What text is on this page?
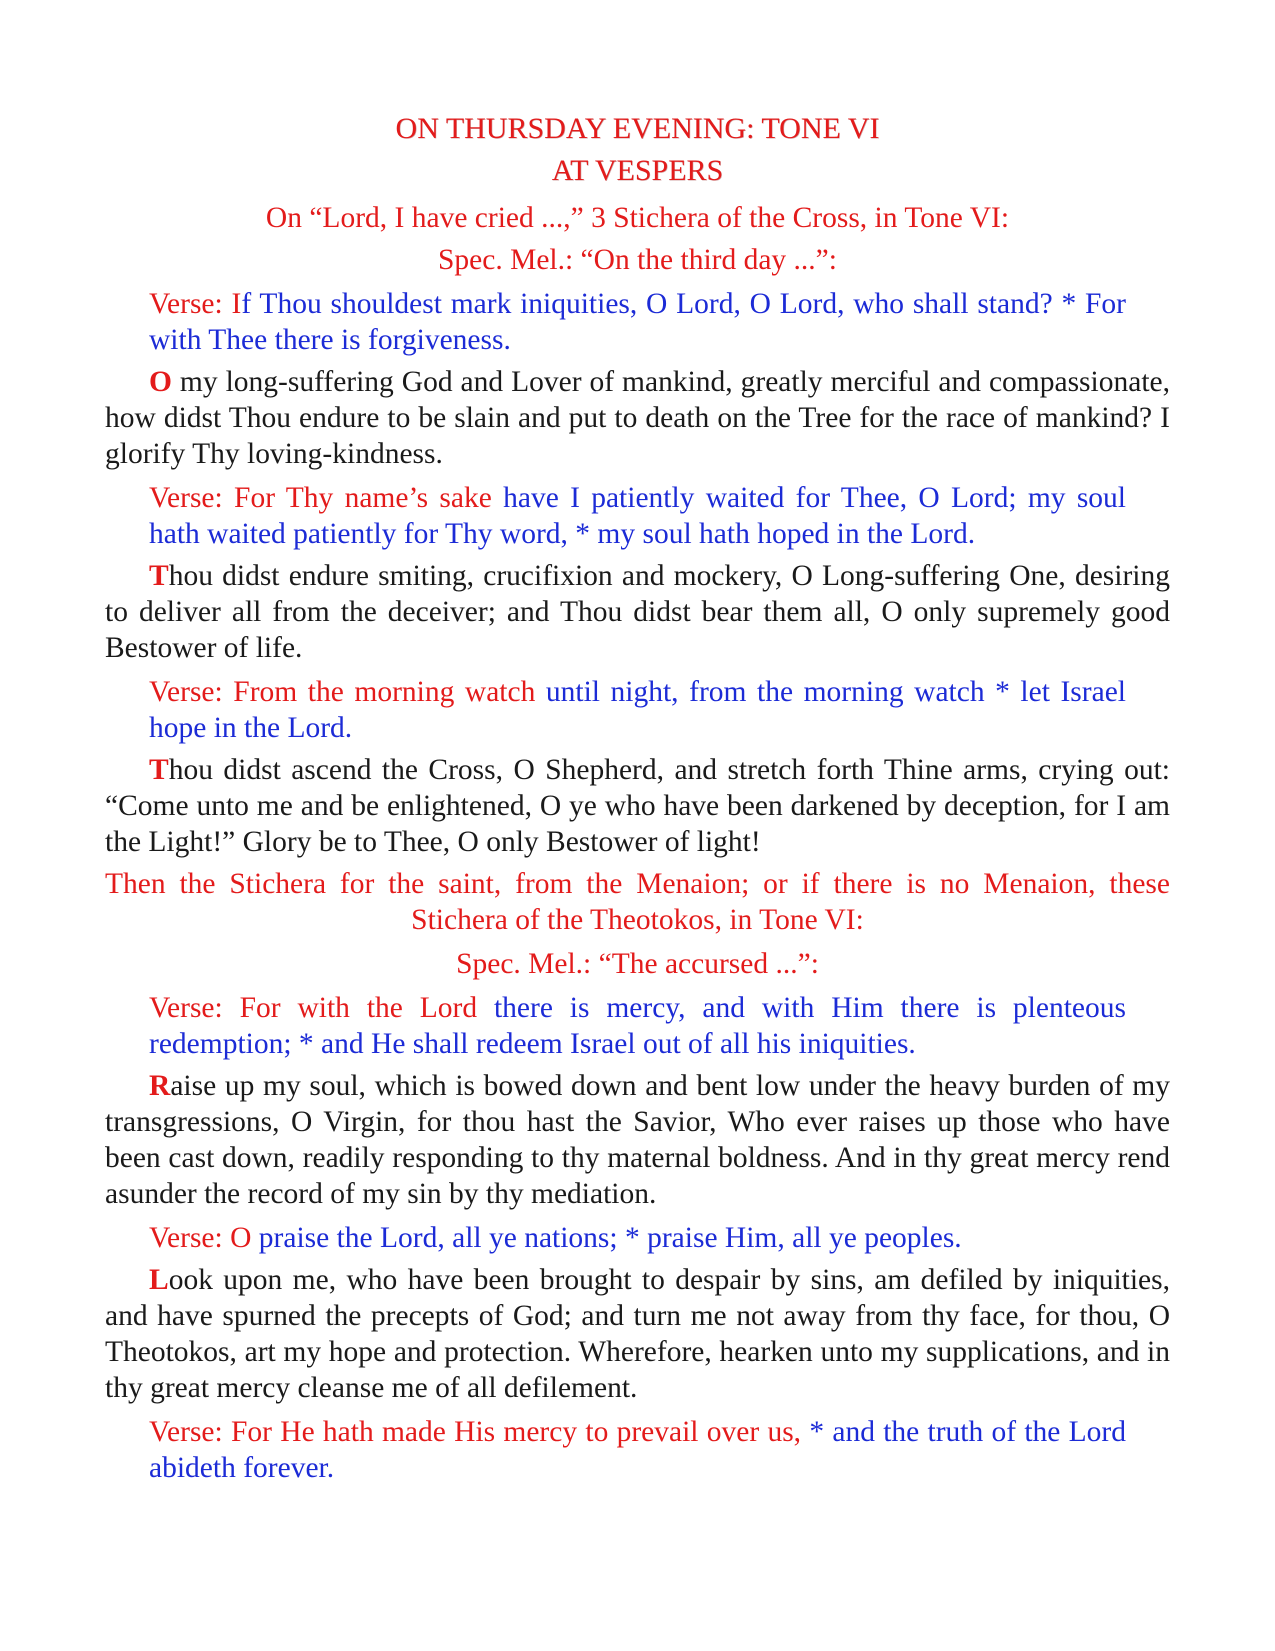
ON THURSDAY EVENING: TONE VI

AT VESPERS

On “Lord, I have cried ...,” 3 Stichera of the Cross, in Tone VI:

Spec. Mel.: “On the third day ...”:

Verse: If Thou shouldest mark iniquities, O Lord, O Lord, who shall stand? * For with Thee there is forgiveness.

O my long-suffering God and Lover of mankind, greatly merciful and compassionate, how didst Thou endure to be slain and put to death on the Tree for the race of mankind? I glorify Thy loving-kindness.

Verse: For Thy name’s sake have I patiently waited for Thee, O Lord; my soul hath waited patiently for Thy word, * my soul hath hoped in the Lord.

Thou didst endure smiting, crucifixion and mockery, O Long-suffering One, desiring to deliver all from the deceiver; and Thou didst bear them all, O only supremely good Bestower of life.

Verse: From the morning watch until night, from the morning watch * let Israel hope in the Lord.

Thou didst ascend the Cross, O Shepherd, and stretch forth Thine arms, crying out: “Come unto me and be enlightened, O ye who have been darkened by deception, for I am the Light!” Glory be to Thee, O only Bestower of light!

Then the Stichera for the saint, from the Menaion; or if there is no Menaion, these Stichera of the Theotokos, in Tone VI:

Spec. Mel.: “The accursed ...”:

Verse: For with the Lord there is mercy, and with Him there is plenteous redemption; * and He shall redeem Israel out of all his iniquities.

Raise up my soul, which is bowed down and bent low under the heavy burden of my transgressions, O Virgin, for thou hast the Savior, Who ever raises up those who have been cast down, readily responding to thy maternal boldness. And in thy great mercy rend asunder the record of my sin by thy mediation.

Verse: O praise the Lord, all ye nations; * praise Him, all ye peoples.

Look upon me, who have been brought to despair by sins, am defiled by iniquities, and have spurned the precepts of God; and turn me not away from thy face, for thou, O Theotokos, art my hope and protection. Wherefore, hearken unto my supplications, and in thy great mercy cleanse me of all defilement.

Verse: For He hath made His mercy to prevail over us, * and the truth of the Lord abideth forever.
